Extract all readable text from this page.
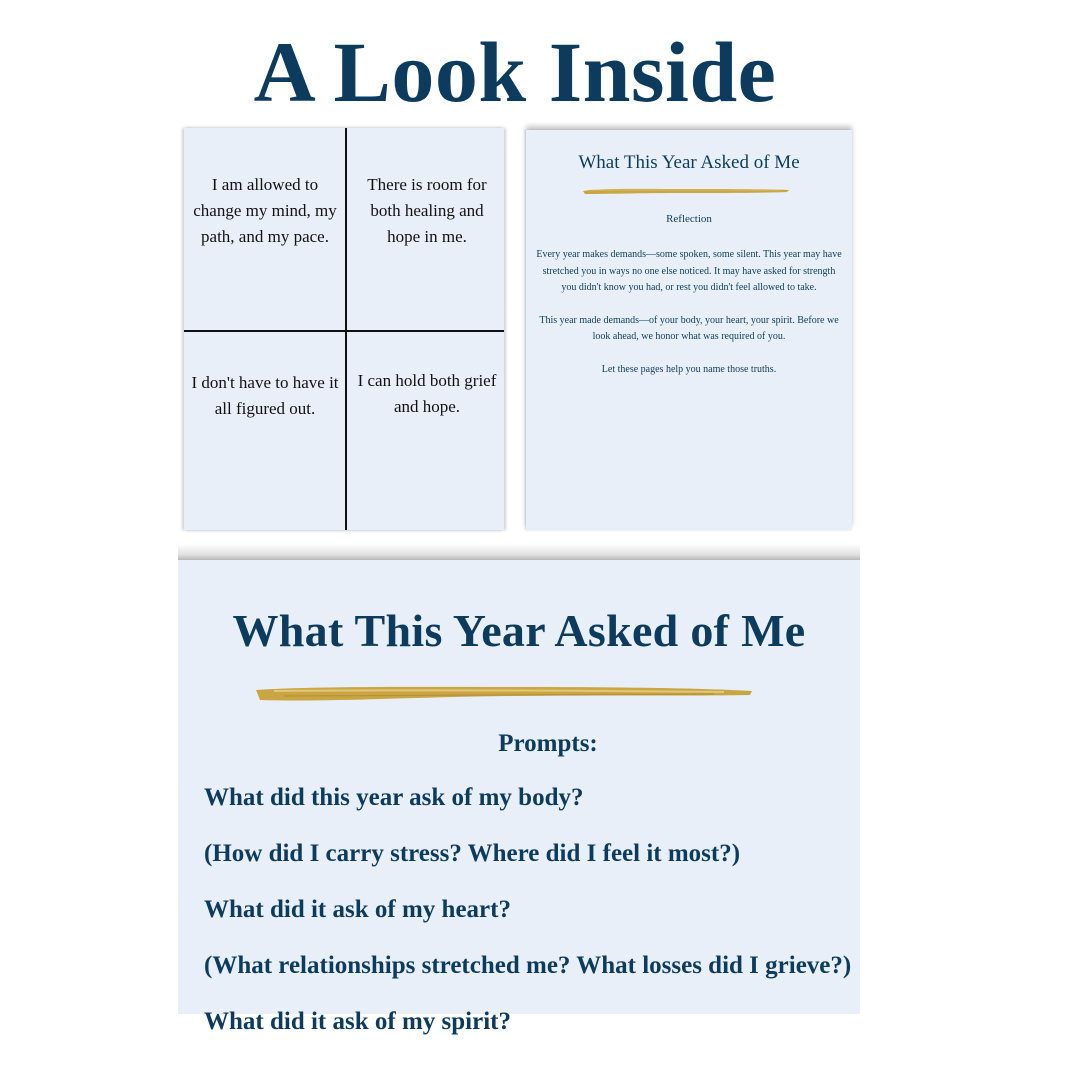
A Look Inside
I am allowed to change my mind, my path, and my pace.
There is room for both healing and hope in me.
I don't have to have it all figured out.
I can hold both grief and hope.
What This Year Asked of Me
Reflection

Every year makes demands—some spoken, some silent. This year may have stretched you in ways no one else noticed. It may have asked for strength you didn't know you had, or rest you didn't feel allowed to take.

This year made demands—of your body, your heart, your spirit. Before we look ahead, we honor what was required of you.

Let these pages help you name those truths.

What This Year Asked of Me
Prompts:
What did this year ask of my body?
(How did I carry stress? Where did I feel it most?)
What did it ask of my heart?
(What relationships stretched me? What losses did I grieve?)
What did it ask of my spirit?
